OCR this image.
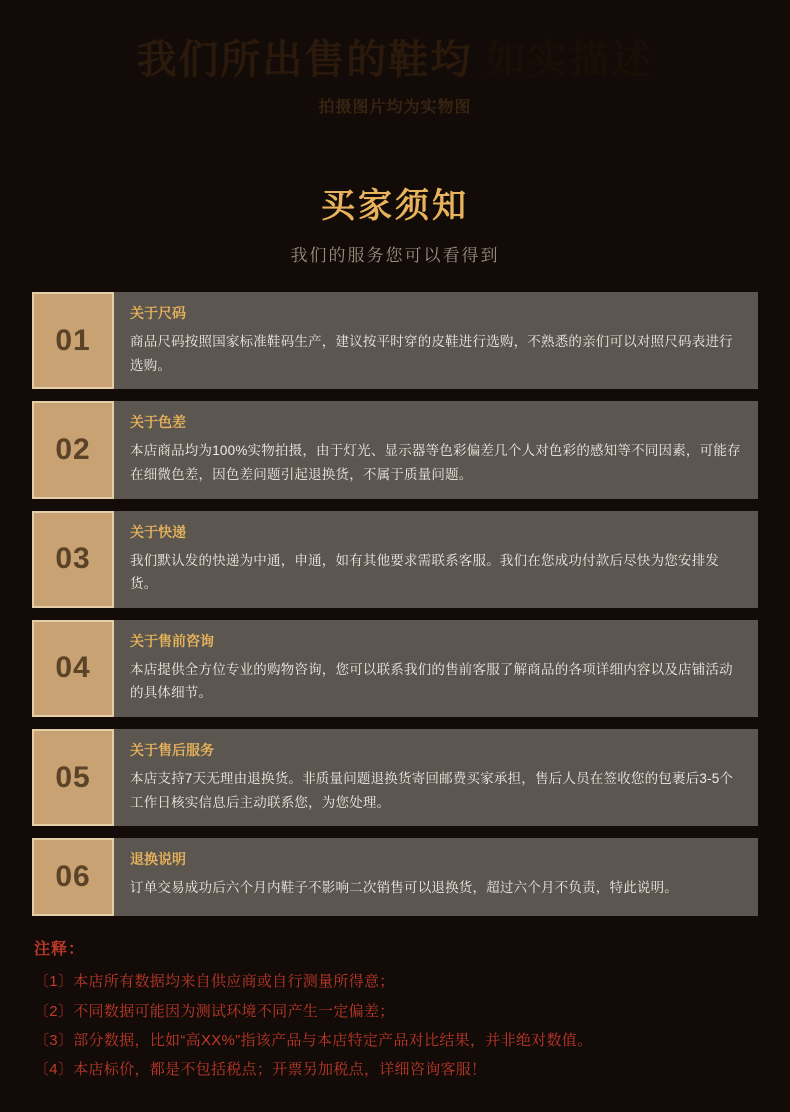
我们所出售的鞋均 如实描述
拍摄图片均为实物图
买家须知
我们的服务您可以看得到
01
关于尺码
商品尺码按照国家标准鞋码生产，建议按平时穿的皮鞋进行选购，不熟悉的亲们可以对照尺码表进行选购。
02
关于色差
本店商品均为100%实物拍摄，由于灯光、显示器等色彩偏差几个人对色彩的感知等不同因素，可能存在细微色差，因色差问题引起退换货，不属于质量问题。
03
关于快递
我们默认发的快递为中通，申通，如有其他要求需联系客服。我们在您成功付款后尽快为您安排发货。
04
关于售前咨询
本店提供全方位专业的购物咨询，您可以联系我们的售前客服了解商品的各项详细内容以及店铺活动的具体细节。
05
关于售后服务
本店支持7天无理由退换货。非质量问题退换货寄回邮费买家承担，售后人员在签收您的包裹后3-5个工作日核实信息后主动联系您，为您处理。
06
退换说明
订单交易成功后六个月内鞋子不影响二次销售可以退换货，超过六个月不负责，特此说明。
注释：
〔1〕本店所有数据均来自供应商或自行测量所得意；
〔2〕不同数据可能因为测试环境不同产生一定偏差；
〔3〕部分数据，比如“高XX%”指该产品与本店特定产品对比结果，并非绝对数值。
〔4〕本店标价，都是不包括税点；开票另加税点，详细咨询客服！
